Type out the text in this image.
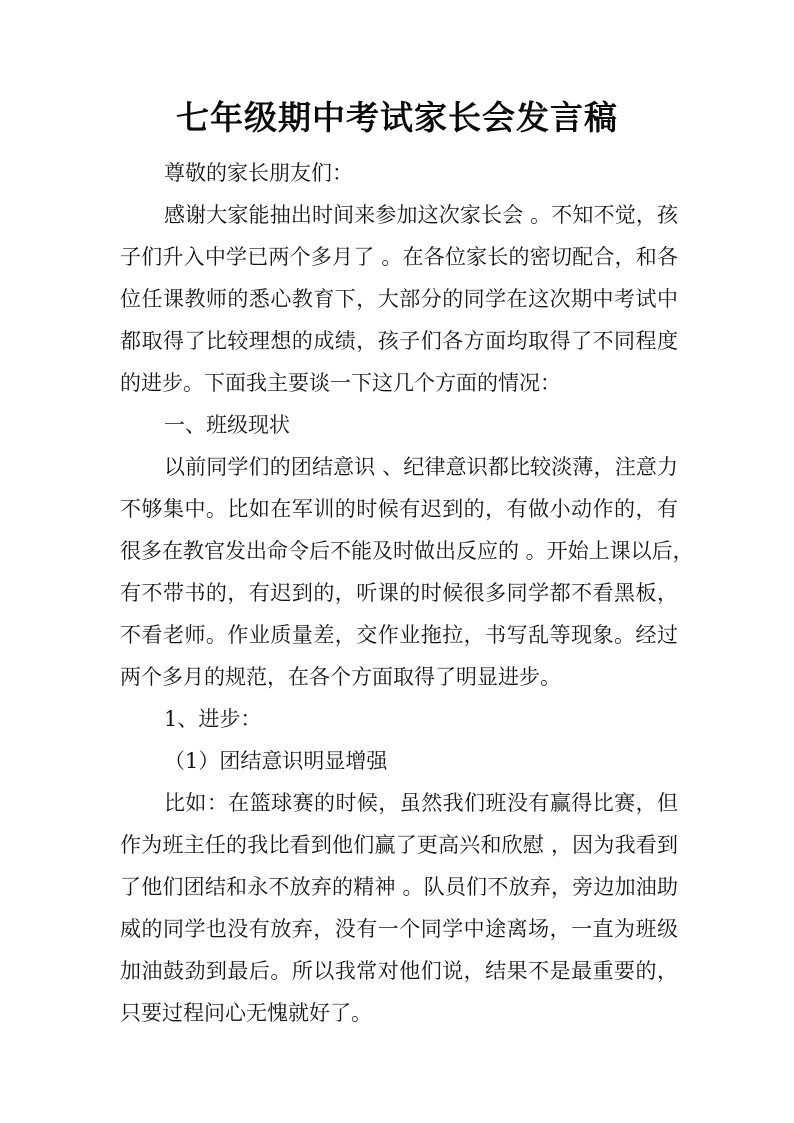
七年级期中考试家长会发言稿
尊敬的家长朋友们：
感谢大家能抽出时间来参加这次家长会 。不知不觉，孩
子们升入中学已两个多月了 。在各位家长的密切配合，和各
位任课教师的悉心教育下，大部分的同学在这次期中考试中
都取得了比较理想的成绩，孩子们各方面均取得了不同程度
的进步。下面我主要谈一下这几个方面的情况：
一、班级现状
以前同学们的团结意识 、纪律意识都比较淡薄，注意力
不够集中。比如在军训的时候有迟到的，有做小动作的，有
很多在教官发出命令后不能及时做出反应的 。开始上课以后，
有不带书的，有迟到的，听课的时候很多同学都不看黑板，
不看老师。作业质量差，交作业拖拉，书写乱等现象。经过
两个多月的规范，在各个方面取得了明显进步。
1、进步：
（1）团结意识明显增强
比如：在篮球赛的时候，虽然我们班没有赢得比赛，但
作为班主任的我比看到他们赢了更高兴和欣慰 ，因为我看到
了他们团结和永不放弃的精神 。队员们不放弃，旁边加油助
威的同学也没有放弃，没有一个同学中途离场，一直为班级
加油鼓劲到最后。所以我常对他们说，结果不是最重要的，
只要过程问心无愧就好了。
